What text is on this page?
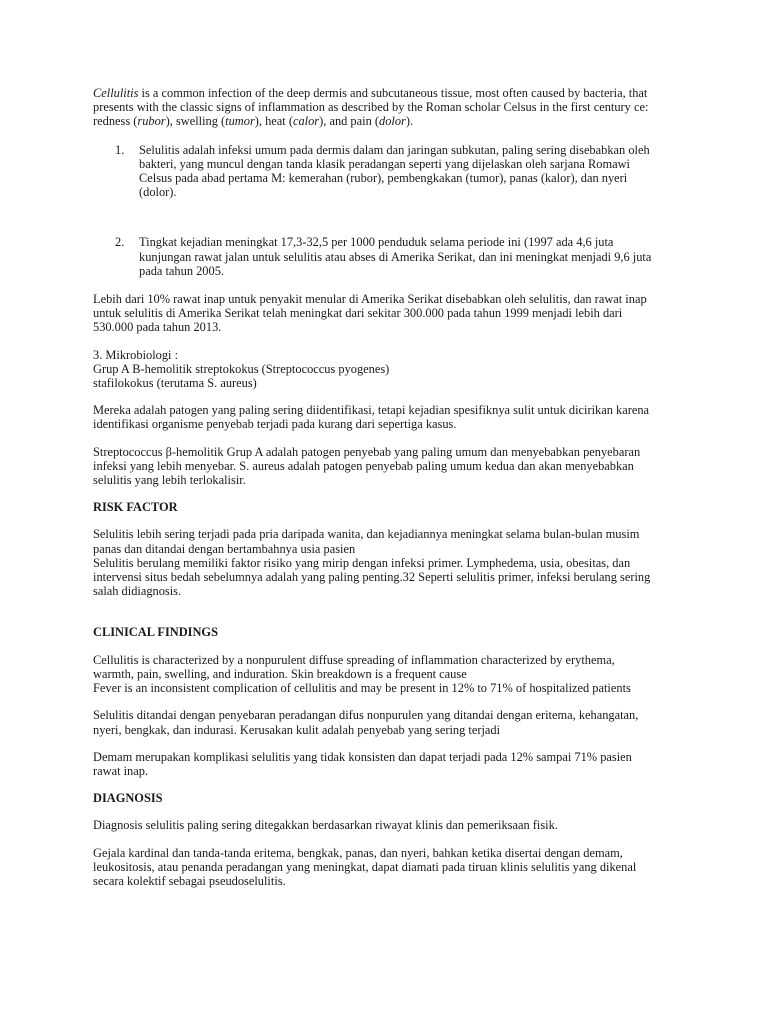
Cellulitis is a common infection of the deep dermis and subcutaneous tissue, most often caused by bacteria, that
presents with the classic signs of inflammation as described by the Roman scholar Celsus in the first century ce:
redness (rubor), swelling (tumor), heat (calor), and pain (dolor).

1. Selulitis adalah infeksi umum pada dermis dalam dan jaringan subkutan, paling sering disebabkan oleh
bakteri, yang muncul dengan tanda klasik peradangan seperti yang dijelaskan oleh sarjana Romawi
Celsus pada abad pertama M: kemerahan (rubor), pembengkakan (tumor), panas (kalor), dan nyeri
(dolor).
2. Tingkat kejadian meningkat 17,3-32,5 per 1000 penduduk selama periode ini (1997 ada 4,6 juta
kunjungan rawat jalan untuk selulitis atau abses di Amerika Serikat, dan ini meningkat menjadi 9,6 juta
pada tahun 2005.

Lebih dari 10% rawat inap untuk penyakit menular di Amerika Serikat disebabkan oleh selulitis, dan rawat inap
untuk selulitis di Amerika Serikat telah meningkat dari sekitar 300.000 pada tahun 1999 menjadi lebih dari
530.000 pada tahun 2013.

3. Mikrobiologi :
Grup A B-hemolitik streptokokus (Streptococcus pyogenes)
stafilokokus (terutama S. aureus)

Mereka adalah patogen yang paling sering diidentifikasi, tetapi kejadian spesifiknya sulit untuk dicirikan karena
identifikasi organisme penyebab terjadi pada kurang dari sepertiga kasus.

Streptococcus β-hemolitik Grup A adalah patogen penyebab yang paling umum dan menyebabkan penyebaran
infeksi yang lebih menyebar. S. aureus adalah patogen penyebab paling umum kedua dan akan menyebabkan
selulitis yang lebih terlokalisir.

RISK FACTOR

Selulitis lebih sering terjadi pada pria daripada wanita, dan kejadiannya meningkat selama bulan-bulan musim
panas dan ditandai dengan bertambahnya usia pasien
Selulitis berulang memiliki faktor risiko yang mirip dengan infeksi primer. Lymphedema, usia, obesitas, dan
intervensi situs bedah sebelumnya adalah yang paling penting.32 Seperti selulitis primer, infeksi berulang sering
salah didiagnosis.

CLINICAL FINDINGS

Cellulitis is characterized by a nonpurulent diffuse spreading of inflammation characterized by erythema,
warmth, pain, swelling, and induration. Skin breakdown is a frequent cause
Fever is an inconsistent complication of cellulitis and may be present in 12% to 71% of hospitalized patients

Selulitis ditandai dengan penyebaran peradangan difus nonpurulen yang ditandai dengan eritema, kehangatan,
nyeri, bengkak, dan indurasi. Kerusakan kulit adalah penyebab yang sering terjadi

Demam merupakan komplikasi selulitis yang tidak konsisten dan dapat terjadi pada 12% sampai 71% pasien
rawat inap.

DIAGNOSIS

Diagnosis selulitis paling sering ditegakkan berdasarkan riwayat klinis dan pemeriksaan fisik.

Gejala kardinal dan tanda-tanda eritema, bengkak, panas, dan nyeri, bahkan ketika disertai dengan demam,
leukositosis, atau penanda peradangan yang meningkat, dapat diamati pada tiruan klinis selulitis yang dikenal
secara kolektif sebagai pseudoselulitis.
